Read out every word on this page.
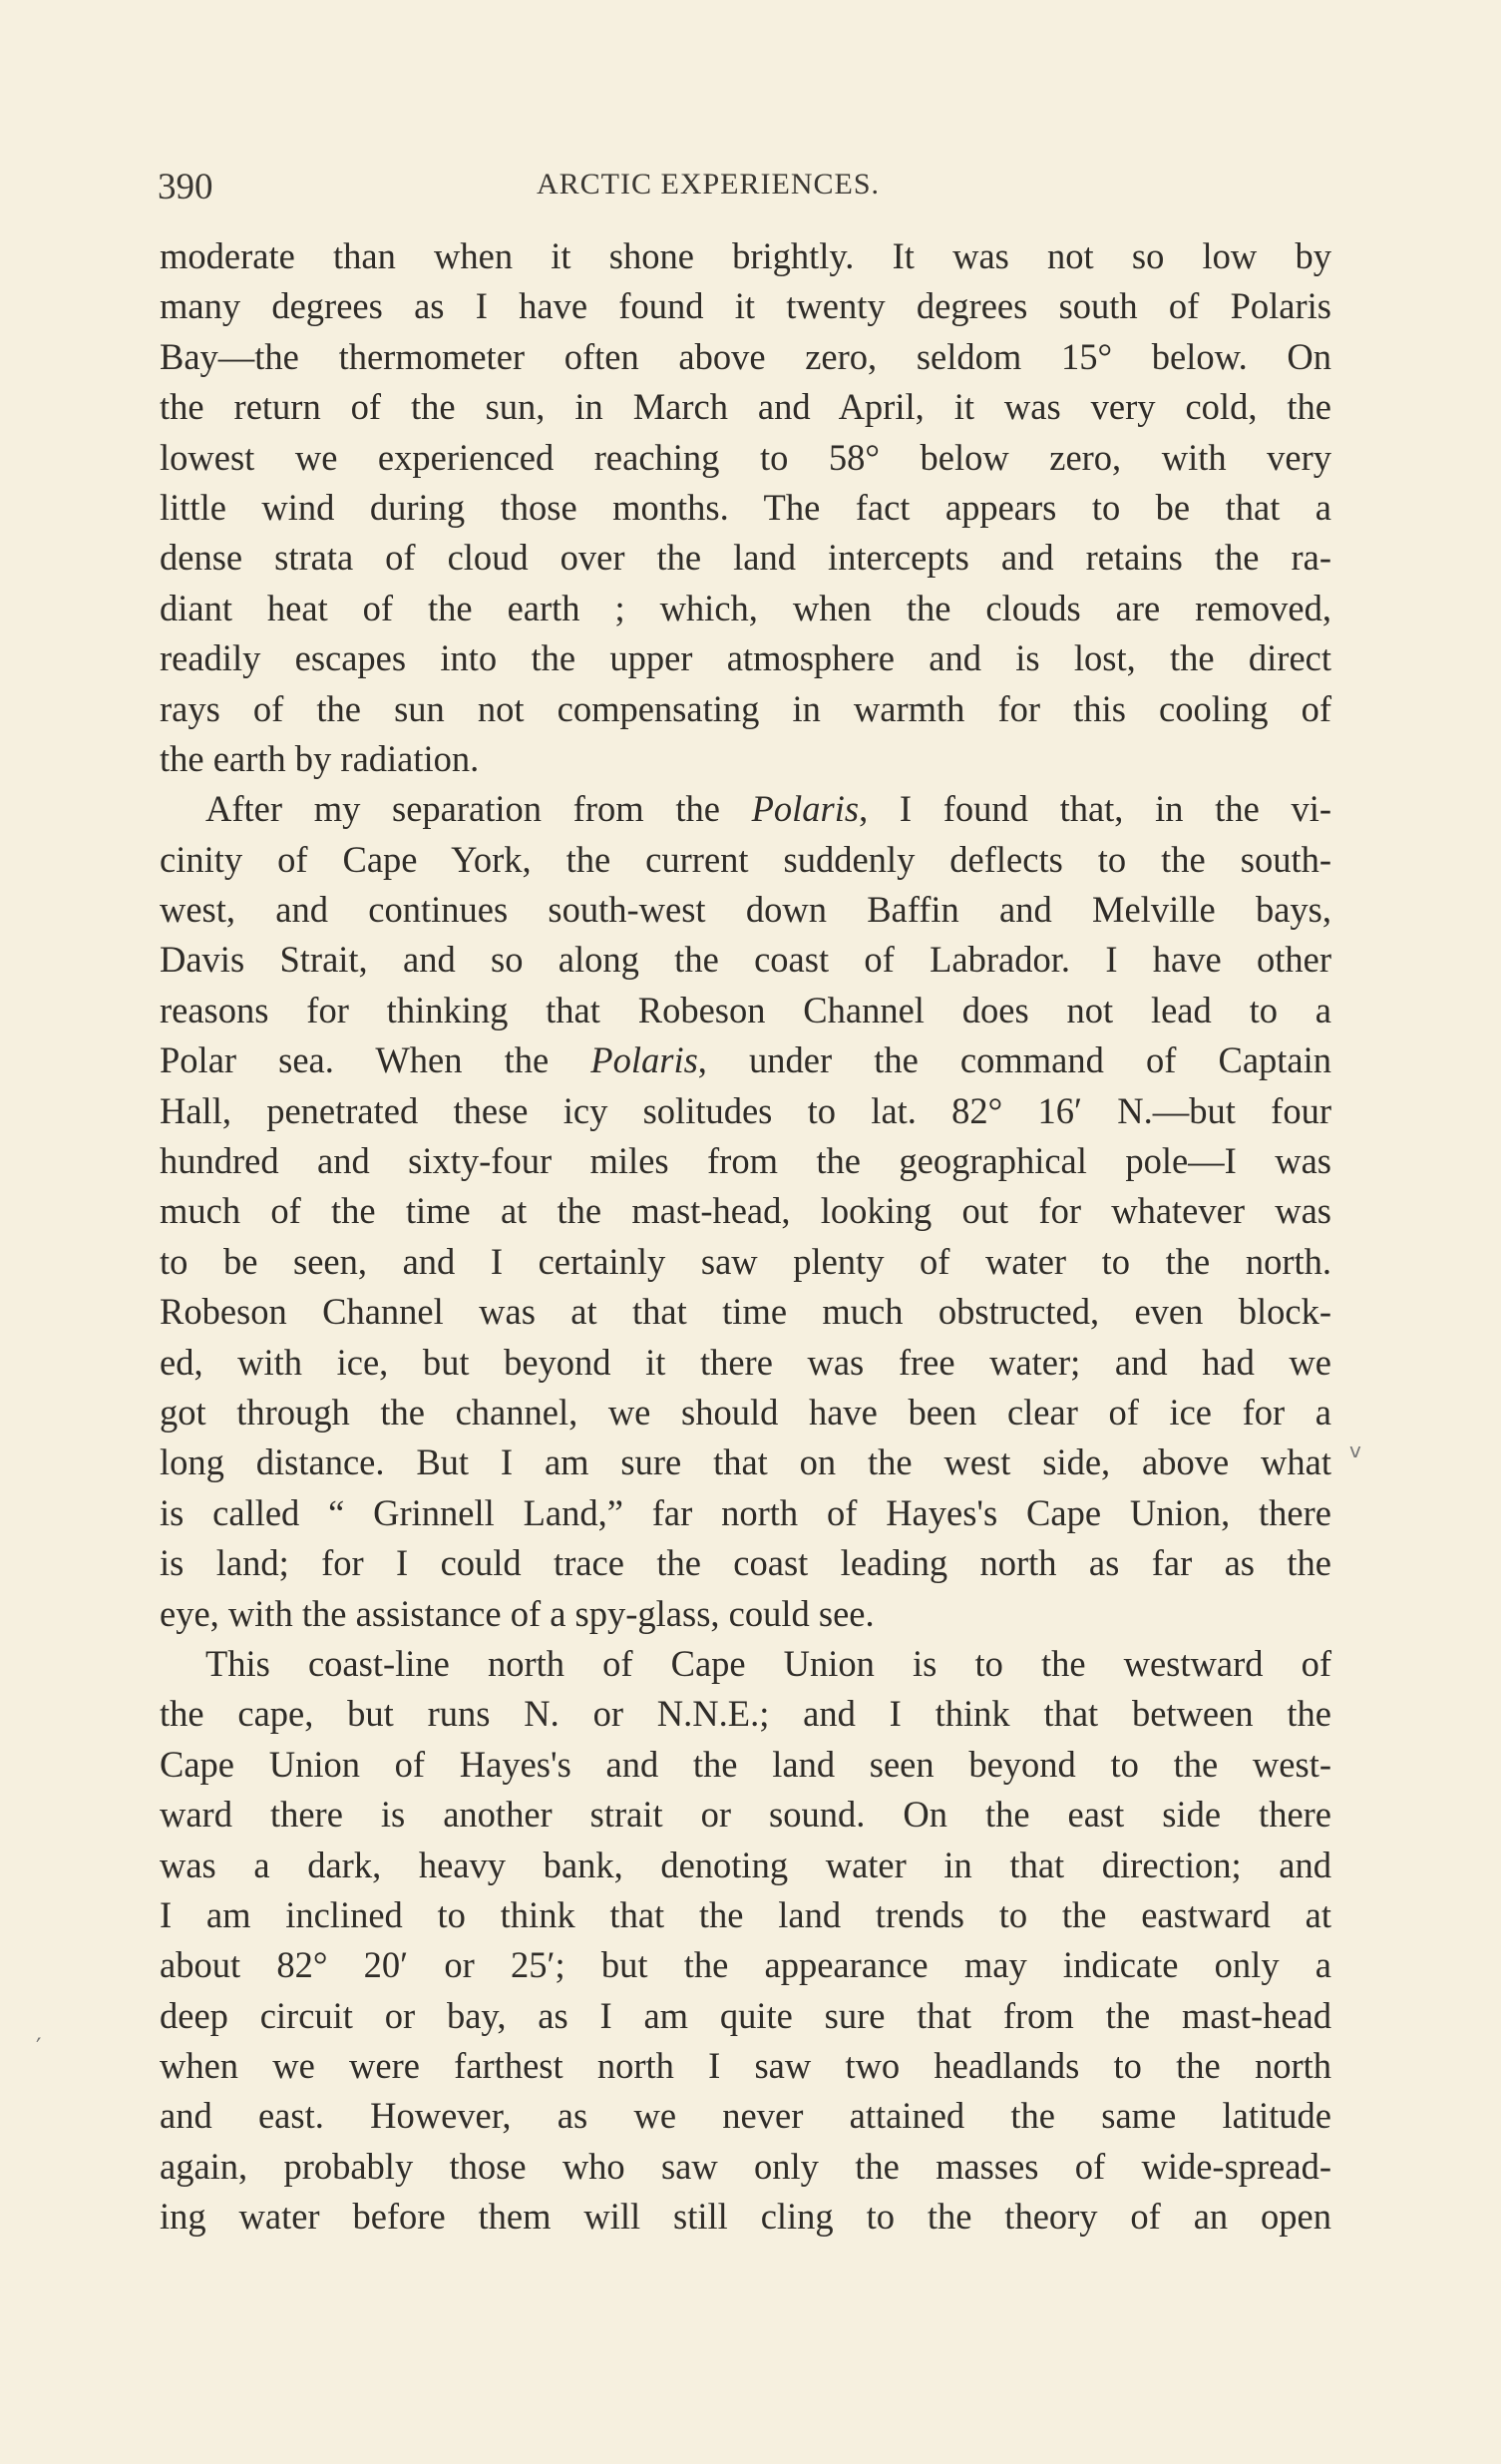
390	ARCTIC EXPERIENCES.
moderate than when it shone brightly. It was not so low by
many degrees as I have found it twenty degrees south of Polaris
Bay—the thermometer often above zero, seldom 15° below. On
the return of the sun, in March and April, it was very cold, the
lowest we experienced reaching to 58° below zero, with very
little wind during those months. The fact appears to be that a
dense strata of cloud over the land intercepts and retains the ra-
diant heat of the earth ; which, when the clouds are removed,
readily escapes into the upper atmosphere and is lost, the direct
rays of the sun not compensating in warmth for this cooling of
the earth by radiation.
After my separation from the Polaris, I found that, in the vi-
cinity of Cape York, the current suddenly deflects to the south-
west, and continues south-west down Baffin and Melville bays,
Davis Strait, and so along the coast of Labrador. I have other
reasons for thinking that Robeson Channel does not lead to a
Polar sea. When the Polaris, under the command of Captain
Hall, penetrated these icy solitudes to lat. 82° 16′ N.—but four
hundred and sixty-four miles from the geographical pole—I was
much of the time at the mast-head, looking out for whatever was
to be seen, and I certainly saw plenty of water to the north.
Robeson Channel was at that time much obstructed, even block-
ed, with ice, but beyond it there was free water; and had we
got through the channel, we should have been clear of ice for a
long distance. But I am sure that on the west side, above what
is called “ Grinnell Land,” far north of Hayes's Cape Union, there
is land; for I could trace the coast leading north as far as the
eye, with the assistance of a spy-glass, could see.
This coast-line north of Cape Union is to the westward of
the cape, but runs N. or N.N.E.; and I think that between the
Cape Union of Hayes's and the land seen beyond to the west-
ward there is another strait or sound. On the east side there
was a dark, heavy bank, denoting water in that direction; and
I am inclined to think that the land trends to the eastward at
about 82° 20′ or 25′; but the appearance may indicate only a
deep circuit or bay, as I am quite sure that from the mast-head
when we were farthest north I saw two headlands to the north
and east. However, as we never attained the same latitude
again, probably those who saw only the masses of wide-spread-
ing water before them will still cling to the theory of an open
v
′
